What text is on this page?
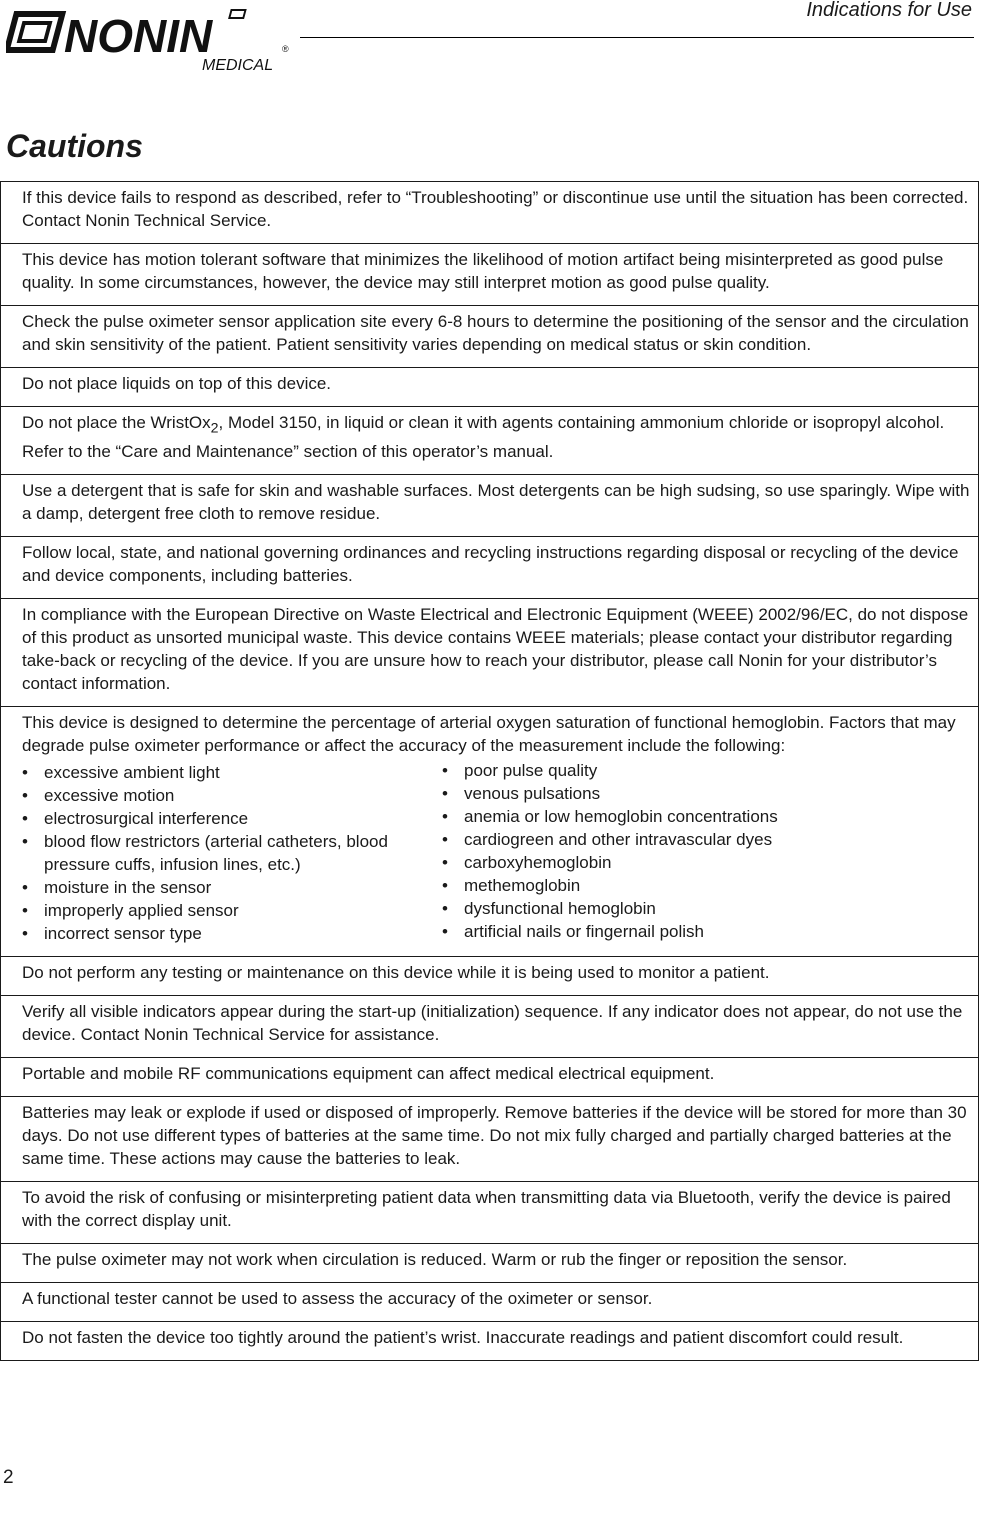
NONIN	®
MEDICAL
Indications for Use
Cautions

If this device fails to respond as described, refer to “Troubleshooting” or discontinue use until the situation has been corrected. Contact Nonin Technical Service.

This device has motion tolerant software that minimizes the likelihood of motion artifact being misinterpreted as good pulse quality. In some circumstances, however, the device may still interpret motion as good pulse quality.

Check the pulse oximeter sensor application site every 6-8 hours to determine the positioning of the sensor and the circulation and skin sensitivity of the patient. Patient sensitivity varies depending on medical status or skin condition.

Do not place liquids on top of this device.

Do not place the WristOx$_2$, Model 3150, in liquid or clean it with agents containing ammonium chloride or isopropyl alcohol. Refer to the “Care and Maintenance” section of this operator’s manual.

Use a detergent that is safe for skin and washable surfaces. Most detergents can be high sudsing, so use sparingly. Wipe with a damp, detergent free cloth to remove residue.

Follow local, state, and national governing ordinances and recycling instructions regarding disposal or recycling of the device and device components, including batteries.

In compliance with the European Directive on Waste Electrical and Electronic Equipment (WEEE) 2002/96/EC, do not dispose of this product as unsorted municipal waste. This device contains WEEE materials; please contact your distributor regarding take-back or recycling of the device. If you are unsure how to reach your distributor, please call Nonin for your distributor’s contact information.

This device is designed to determine the percentage of arterial oxygen saturation of functional hemoglobin. Factors that may degrade pulse oximeter performance or affect the accuracy of the measurement include the following:

• excessive ambient light
• excessive motion
• electrosurgical interference
• blood flow restrictors (arterial catheters, blood pressure cuffs, infusion lines, etc.)
• moisture in the sensor
• improperly applied sensor
• incorrect sensor type
• poor pulse quality
• venous pulsations
• anemia or low hemoglobin concentrations
• cardiogreen and other intravascular dyes
• carboxyhemoglobin
• methemoglobin
• dysfunctional hemoglobin
• artificial nails or fingernail polish

Do not perform any testing or maintenance on this device while it is being used to monitor a patient.

Verify all visible indicators appear during the start-up (initialization) sequence. If any indicator does not appear, do not use the device. Contact Nonin Technical Service for assistance.

Portable and mobile RF communications equipment can affect medical electrical equipment.

Batteries may leak or explode if used or disposed of improperly. Remove batteries if the device will be stored for more than 30 days. Do not use different types of batteries at the same time. Do not mix fully charged and partially charged batteries at the same time. These actions may cause the batteries to leak.

To avoid the risk of confusing or misinterpreting patient data when transmitting data via Bluetooth, verify the device is paired with the correct display unit.

The pulse oximeter may not work when circulation is reduced. Warm or rub the finger or reposition the sensor.

A functional tester cannot be used to assess the accuracy of the oximeter or sensor.

Do not fasten the device too tightly around the patient’s wrist. Inaccurate readings and patient discomfort could result.

2
